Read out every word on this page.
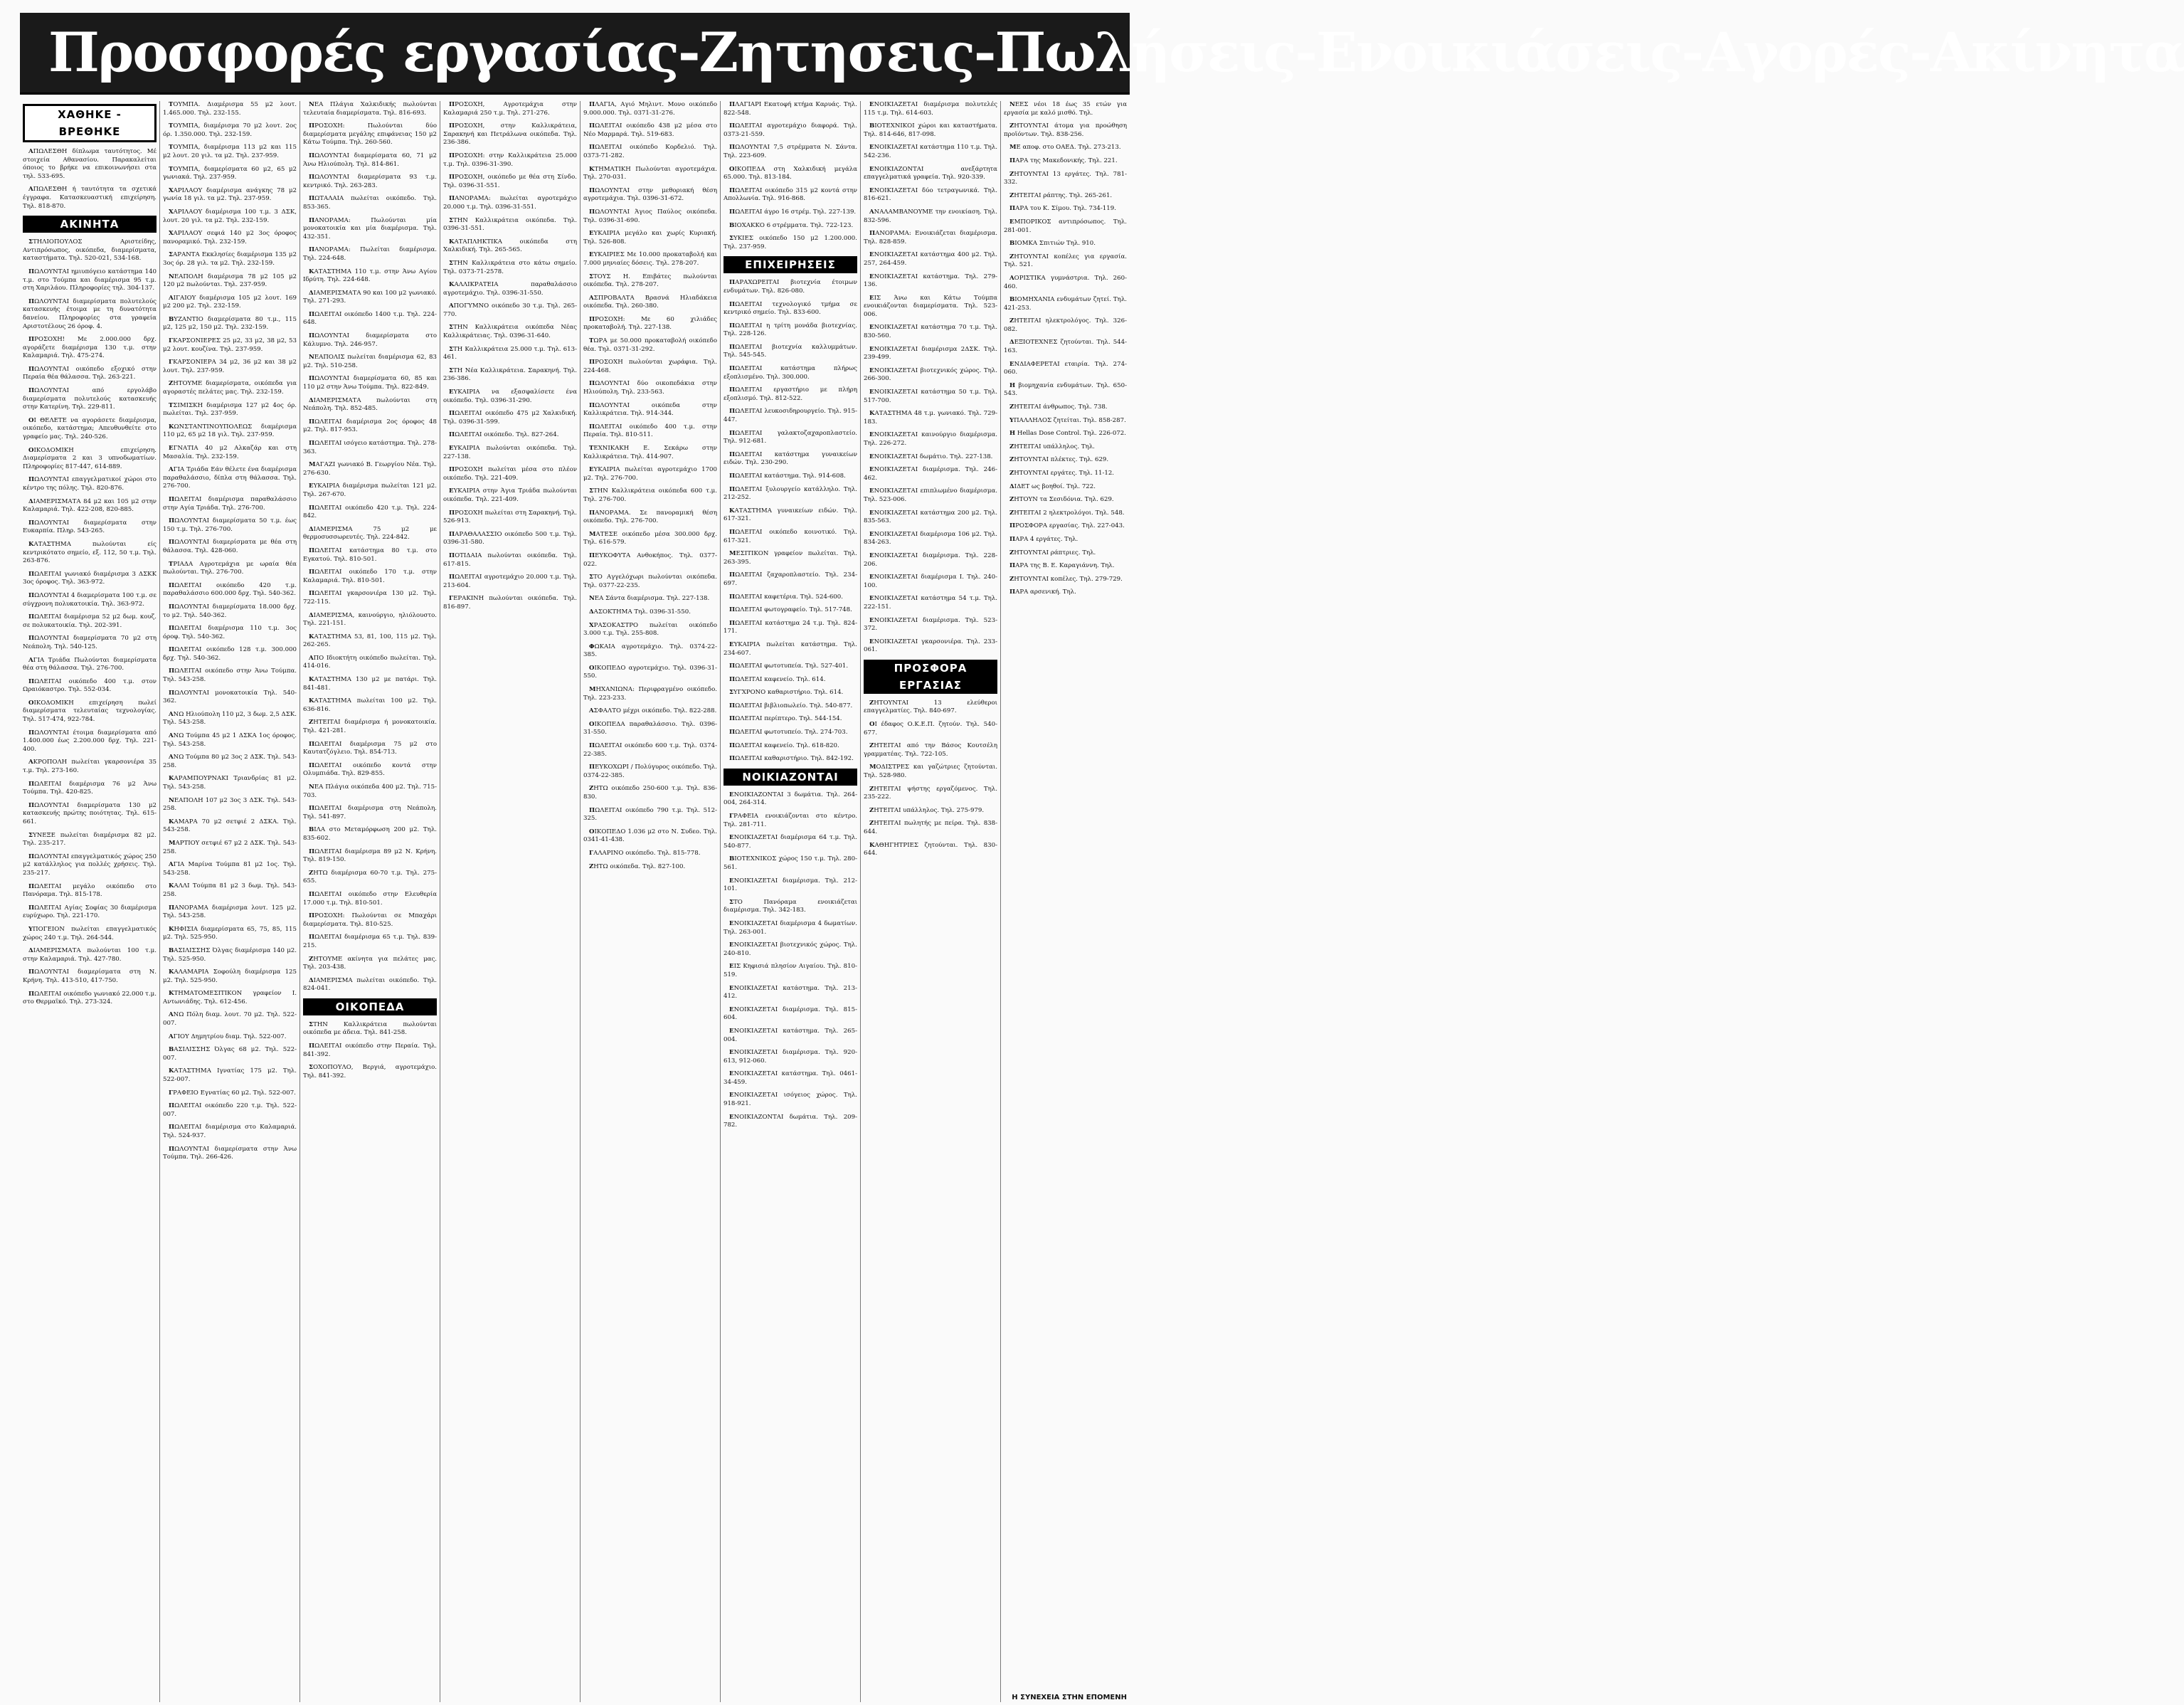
Προσφορές εργασίας-Ζητησεις-Πωλήσεις-Ενοικιάσεις-Αγορές-Ακίνητα
ΧΑΘΗΚΕ - ΒΡΕΘΗΚΕ

ΑΠΩΛΕΣΘΗ δίπλωμα ταυτότητος. Μέ στοιχεία Αθανασίου. Παρακαλείται όποιος το βρήκε να επικοινωνήσει στα τηλ. 533-695.

ΑΠΩΛΕΣΘΗ ή ταυτότητα τα σχετικά έγγραφα. Κατασκευαστική επιχείρηση. Τηλ. 818-870.

ΑΚΙΝΗΤΑ

ΣΤΗΛΙΟΠΟΥΛΟΣ Αριστείδης, Αντιπρόσωπος, οικόπεδα, διαμερίσματα, καταστήματα. Τηλ. 520-021, 534-168.

ΠΩΛΟΥΝΤΑΙ ημιυπόγειο κατάστημα 140 τ.μ. στο Τούμπα και διαμέρισμα 95 τ.μ. στη Χαριλάου. Πληροφορίες τηλ. 304-137.

ΠΩΛΟΥΝΤΑΙ διαμερίσματα πολυτελούς κατασκευής έτοιμα με τη δυνατότητα δανείου. Πληροφορίες στα γραφεία Αριστοτέλους 26 όροφ. 4.

ΠΡΟΣΟΧΗ! Με 2.000.000 δρχ. αγοράζετε διαμέρισμα 130 τ.μ. στην Καλαμαριά. Τηλ. 475-274.

ΠΩΛΟΥΝΤΑΙ οικόπεδο εξοχικό στην Περαία θέα θάλασσα. Τηλ. 263-221.

ΠΩΛΟΥΝΤΑΙ από εργολάβο διαμερίσματα πολυτελούς κατασκευής στην Κατερίνη. Τηλ. 229-811.

ΟΙ ΘΕΛΕΤΕ να αγοράσετε διαμέρισμα, οικόπεδο, κατάστημα; Απευθυνθείτε στο γραφείο μας. Τηλ. 240-526.

ΟΙΚΟΔΟΜΙΚΗ επιχείρηση. Διαμερίσματα 2 και 3 υπνοδωματίων. Πληροφορίες 817-447, 614-889.

ΠΩΛΟΥΝΤΑΙ επαγγελματικοί χώροι στο κέντρο της πόλης. Τηλ. 820-876.

ΔΙΑΜΕΡΙΣΜΑΤΑ 84 μ2 και 105 μ2 στην Καλαμαριά. Τηλ. 422-208, 820-885.

ΠΩΛΟΥΝΤΑΙ διαμερίσματα στην Ευκαρπία. Πληρ. 543-265.

ΚΑΤΑΣΤΗΜΑ πωλούνται είς κεντρικότατο σημείο, εξ. 112, 50 τ.μ. Τηλ. 263-876.

ΠΩΛΕΙΤΑΙ γωνιακό διαμέρισμα 3 ΔΣΚΚ 3ος όροφος. Τηλ. 363-972.

ΠΩΛΟΥΝΤΑΙ 4 διαμερίσματα 100 τ.μ. σε σύγχρονη πολυκατοικία. Τηλ. 363-972.

ΠΩΛΕΙΤΑΙ διαμέρισμα 52 μ2 δωμ. κουζ. σε πολυκατοικία. Τηλ. 202-391.

ΠΩΛΟΥΝΤΑΙ διαμερίσματα 70 μ2 στη Νεάπολη. Τηλ. 540-125.

ΑΓΙΑ Τριάδα Πωλούνται διαμερίσματα θέα στη θάλασσα. Τηλ. 276-700.

ΠΩΛΕΙΤΑΙ οικόπεδο 400 τ.μ. στον Ωραιόκαστρο. Τηλ. 552-034.

ΟΙΚΟΔΟΜΙΚΗ επιχείρηση πωλεί διαμερίσματα τελευταίας τεχνολογίας. Τηλ. 517-474, 922-784.

ΠΩΛΟΥΝΤΑΙ έτοιμα διαμερίσματα από 1.400.000 έως 2.200.000 δρχ. Τηλ. 221-400.

ΑΚΡΟΠΟΛΗ πωλείται γκαρσονιέρα 35 τ.μ. Τηλ. 273-160.

ΠΩΛΕΙΤΑΙ διαμέρισμα 76 μ2 Άνω Τούμπα. Τηλ. 420-825.

ΠΩΛΟΥΝΤΑΙ διαμερίσματα 130 μ2 κατασκευής πρώτης ποιότητας. Τηλ. 615-661.

ΣΥΝΕΞΕ πωλείται διαμέρισμα 82 μ2. Τηλ. 235-217.

ΠΩΛΟΥΝΤΑΙ επαγγελματικός χώρος 250 μ2 κατάλληλος για πολλές χρήσεις. Τηλ. 235-217.

ΠΩΛΕΙΤΑΙ μεγάλο οικόπεδο στο Πανόραμα. Τηλ. 815-178.

ΠΩΛΕΙΤΑΙ Αγίας Σοφίας 30 διαμέρισμα ευρύχωρο. Τηλ. 221-170.

ΥΠΟΓΕΙΟΝ πωλείται επαγγελματικός χώρος 240 τ.μ. Τηλ. 264-544.

ΔΙΑΜΕΡΙΣΜΑΤΑ πωλούνται 100 τ.μ. στην Καλαμαριά. Τηλ. 427-780.

ΠΩΛΟΥΝΤΑΙ διαμερίσματα στη Ν. Κρήνη. Τηλ. 413-510, 417-750.

ΠΩΛΕΙΤΑΙ οικόπεδο γωνιακό 22.000 τ.μ. στο Θερμαϊκό. Τηλ. 273-324.

ΤΟΥΜΠΑ. Διαμέρισμα 55 μ2 λουτ. 1.465.000. Τηλ. 232-155.

ΤΟΥΜΠΑ, διαμέρισμα 70 μ2 λουτ. 2ος όρ. 1.350.000. Τηλ. 232-159.

ΤΟΥΜΠΑ, διαμέρισμα 113 μ2 και 115 μ2 λουτ. 20 γιλ. τα μ2. Τηλ. 237-959.

ΤΟΥΜΠΑ, διαμερίσματα 60 μ2, 65 μ2 γωνιακά. Τηλ. 237-959.

ΧΑΡΙΛΑΟΥ διαμέρισμα ανάγκης 78 μ2 γωνία 18 γιλ. τα μ2. Τηλ. 237-959.

ΧΑΡΙΛΑΟΥ διαμέρισμα 100 τ.μ. 3 ΔΣΚ, λουτ. 20 γιλ. τα μ2. Τηλ. 232-159.

ΧΑΡΙΛΑΟΥ σεφιά 140 μ2 3ος όροφος πανοραμικό. Τηλ. 232-159.

ΣΑΡΑΝΤΑ Εκκλησίες διαμέρισμα 135 μ2 3ος όρ. 28 γιλ. τα μ2. Τηλ. 232-159.

ΝΕΑΠΟΛΗ διαμέρισμα 78 μ2 105 μ2 120 μ2 πωλούνται. Τηλ. 237-959.

ΑΙΓΑΙΟΥ διαμέρισμα 105 μ2 λουτ. 169 μ2 200 μ2. Τηλ. 232-159.

ΒΥΖΑΝΤΙΟ διαμερίσματα 80 τ.μ., 115 μ2, 125 μ2, 150 μ2. Τηλ. 232-159.

ΓΚΑΡΣΟΝΙΕΡΕΣ 25 μ2, 33 μ2, 38 μ2, 53 μ2 λουτ. κουζίνα. Τηλ. 237-959.

ΓΚΑΡΣΟΝΙΕΡΑ 34 μ2, 36 μ2 και 38 μ2 λουτ. Τηλ. 237-959.

ΖΗΤΟΥΜΕ διαμερίσματα, οικόπεδα για αγοραστές πελάτες μας. Τηλ. 232-159.

ΤΣΙΜΙΣΚΗ διαμέρισμα 127 μ2 4ος όρ. πωλείται. Τηλ. 237-959.

ΚΩΝΣΤΑΝΤΙΝΟΥΠΟΛΕΩΣ διαμέρισμα 110 μ2, 65 μ2 18 γιλ. Τηλ. 237-959.

ΕΓΝΑΤΙΑ 40 μ2 Αλκαζάρ και στη Μασαλία. Τηλ. 232-159.

ΑΓΙΑ Τριάδα Εάν θέλετε ένα διαμέρισμα παραθαλάσσιο, δίπλα στη θάλασσα. Τηλ. 276-700.

ΠΩΛΕΙΤΑΙ διαμέρισμα παραθαλάσσιο στην Αγία Τριάδα. Τηλ. 276-700.

ΠΩΛΟΥΝΤΑΙ διαμερίσματα 50 τ.μ. έως 150 τ.μ. Τηλ. 276-700.

ΠΩΛΟΥΝΤΑΙ διαμερίσματα με θέα στη θάλασσα. Τηλ. 428-060.

ΤΡΙΑΔΑ Αγροτεμάχια με ωραία θέα πωλούνται. Τηλ. 276-700.

ΠΩΛΕΙΤΑΙ οικόπεδο 420 τ.μ. παραθαλάσσιο 600.000 δρχ. Τηλ. 540-362.

ΠΩΛΟΥΝΤΑΙ διαμερίσματα 18.000 δρχ. το μ2. Τηλ. 540-362.

ΠΩΛΕΙΤΑΙ διαμέρισμα 110 τ.μ. 3ος όροφ. Τηλ. 540-362.

ΠΩΛΕΙΤΑΙ οικόπεδο 128 τ.μ. 300.000 δρχ. Τηλ. 540-362.

ΠΩΛΕΙΤΑΙ οικόπεδο στην Άνω Τούμπα. Τηλ. 543-258.

ΠΩΛΟΥΝΤΑΙ μονοκατοικία Τηλ. 540-362.

ΑΝΩ Ηλιούπολη 110 μ2, 3 δωμ. 2,5 ΔΣΚ. Τηλ. 543-258.

ΑΝΩ Τούμπα 45 μ2 1 ΔΣΚΑ 1ος όροφος. Τηλ. 543-258.

ΑΝΩ Τούμπα 80 μ2 3ος 2 ΔΣΚ. Τηλ. 543-258.

ΚΑΡΑΜΠΟΥΡΝΑΚΙ Τριανδρίας 81 μ2. Τηλ. 543-258.

ΝΕΑΠΟΛΗ 107 μ2 3ος 3 ΔΣΚ. Τηλ. 543-258.

ΚΑΜΑΡΑ 70 μ2 σετφιέ 2 ΔΣΚΑ. Τηλ. 543-258.

ΜΑΡΤΙΟΥ σετφιέ 67 μ2 2 ΔΣΚ. Τηλ. 543-258.

ΑΓΙΑ Μαρίνα Τούμπα 81 μ2 1ος. Τηλ. 543-258.

ΚΑΛΛΙ Τούμπα 81 μ2 3 δωμ. Τηλ. 543-258.

ΠΑΝΟΡΑΜΑ διαμέρισμα λουτ. 125 μ2. Τηλ. 543-258.

ΚΗΦΙΣΙΑ διαμερίσματα 65, 75, 85, 115 μ2. Τηλ. 525-950.

ΒΑΣΙΛΙΣΣΗΣ Όλγας διαμέρισμα 140 μ2. Τηλ. 525-950.

ΚΑΛΑΜΑΡΙΑ Σοφούλη διαμέρισμα 125 μ2. Τηλ. 525-950.

ΚΤΗΜΑΤΟΜΕΣΙΤΙΚΟΝ γραφείον Ι. Αντωνιάδης. Τηλ. 612-456.

ΑΝΩ Πόλη διαμ. λουτ. 70 μ2. Τηλ. 522-007.

ΑΓΙΟΥ Δημητρίου διαμ. Τηλ. 522-007.

ΒΑΣΙΛΙΣΣΗΣ Όλγας 68 μ2. Τηλ. 522-007.

ΚΑΤΑΣΤΗΜΑ Ιγνατίας 175 μ2. Τηλ. 522-007.

ΓΡΑΦΕΙΟ Εγνατίας 60 μ2. Τηλ. 522-007.

ΠΩΛΕΙΤΑΙ οικόπεδο 220 τ.μ. Τηλ. 522-007.

ΠΩΛΕΙΤΑΙ διαμέρισμα στο Καλαμαριά. Τηλ. 524-937.

ΠΩΛΟΥΝΤΑΙ διαμερίσματα στην Άνω Τούμπα. Τηλ. 266-426.

ΝΕΑ Πλάγια Χαλκιδικής πωλούνται τελευταία διαμερίσματα. Τηλ. 816-693.

ΠΡΟΣΟΧΗ: Πωλούνται δύο διαμερίσματα μεγάλης επιφάνειας 150 μ2 Κάτω Τούμπα. Τηλ. 260-560.

ΠΩΛΟΥΝΤΑΙ διαμερίσματα 60, 71 μ2 Άνω Ηλιούπολη. Τηλ. 814-861.

ΠΩΛΟΥΝΤΑΙ διαμερίσματα 93 τ.μ. κεντρικό. Τηλ. 263-283.

ΠΩΤΑΛΑΙΑ πωλείται οικόπεδο. Τηλ. 853-365.

ΠΑΝΟΡΑΜΑ: Πωλούνται μία μονοκατοικία και μία διαμέρισμα. Τηλ. 432-351.

ΠΑΝΟΡΑΜΑ: Πωλείται διαμέρισμα. Τηλ. 224-648.

ΚΑΤΑΣΤΗΜΑ 110 τ.μ. στην Άνω Αγίου Ιδρύτη. Τηλ. 224-648.

ΔΙΑΜΕΡΙΣΜΑΤΑ 90 και 100 μ2 γωνιακό. Τηλ. 271-293.

ΠΩΛΕΙΤΑΙ οικόπεδο 1400 τ.μ. Τηλ. 224-648.

ΠΩΛΟΥΝΤΑΙ διαμερίσματα στο Κάλυμνο. Τηλ. 246-957.

ΝΕΑΠΟΛΙΣ πωλείται διαμέρισμα 62, 83 μ2. Τηλ. 510-258.

ΠΩΛΟΥΝΤΑΙ διαμερίσματα 60, 85 και 110 μ2 στην Άνω Τούμπα. Τηλ. 822-849.

ΔΙΑΜΕΡΙΣΜΑΤΑ πωλούνται στη Νεάπολη. Τηλ. 852-485.

ΠΩΛΕΙΤΑΙ διαμέρισμα 2ος όροφος 48 μ2. Τηλ. 817-953.

ΠΩΛΕΙΤΑΙ ισόγειο κατάστημα. Τηλ. 278-363.

ΜΑΓΑΖΙ γωνιακό Β. Γεωργίου Νέα. Τηλ. 276-630.

ΕΥΚΑΙΡΙΑ διαμέρισμα πωλείται 121 μ2. Τηλ. 267-670.

ΠΩΛΕΙΤΑΙ οικόπεδο 420 τ.μ. Τηλ. 224-842.

ΔΙΑΜΕΡΙΣΜΑ 75 μ2 με θερμοσυσσωρευτές. Τηλ. 224-842.

ΠΩΛΕΙΤΑΙ κατάστημα 80 τ.μ. στο Εγκατού. Τηλ. 810-501.

ΠΩΛΕΙΤΑΙ οικόπεδο 170 τ.μ. στην Καλαμαριά. Τηλ. 810-501.

ΠΩΛΕΙΤΑΙ γκαρσονιέρα 130 μ2. Τηλ. 722-115.

ΔΙΑΜΕΡΙΣΜΑ, καινούργιο, ηλιόλουστο. Τηλ. 221-151.

ΚΑΤΑΣΤΗΜΑ 53, 81, 100, 115 μ2. Τηλ. 262-265.

ΑΠΟ Ιδιοκτήτη οικόπεδο πωλείται. Τηλ. 414-016.

ΚΑΤΑΣΤΗΜΑ 130 μ2 με πατάρι. Τηλ. 841-481.

ΚΑΤΑΣΤΗΜΑ πωλείται 100 μ2. Τηλ. 636-816.

ΖΗΤΕΙΤΑΙ διαμέρισμα ή μονοκατοικία. Τηλ. 421-281.

ΠΩΛΕΙΤΑΙ διαμέρισμα 75 μ2 στο Καυτατζόγλειο. Τηλ. 854-713.

ΠΩΛΕΙΤΑΙ οικόπεδο κοντά στην Ολυμπιάδα. Τηλ. 829-855.

ΝΕΑ Πλάγια οικόπεδα 400 μ2. Τηλ. 715-703.

ΠΩΛΕΙΤΑΙ διαμέρισμα στη Νεάπολη. Τηλ. 541-897.

ΒΙΛΑ στο Μεταμόρφωση 200 μ2. Τηλ. 835-602.

ΠΩΛΕΙΤΑΙ διαμέρισμα 89 μ2 Ν. Κρήνη. Τηλ. 819-150.

ΖΗΤΩ διαμέρισμα 60-70 τ.μ. Τηλ. 275-655.

ΠΩΛΕΙΤΑΙ οικόπεδο στην Ελευθερία 17.000 τ.μ. Τηλ. 810-501.

ΠΡΟΣΟΧΗ: Πωλούνται σε Μπαχάρι διαμερίσματα. Τηλ. 810-525.

ΠΩΛΕΙΤΑΙ διαμέρισμα 65 τ.μ. Τηλ. 839-215.

ΖΗΤΟΥΜΕ ακίνητα για πελάτες μας. Τηλ. 203-438.

ΔΙΑΜΕΡΙΣΜΑ πωλείται οικόπεδο. Τηλ. 824-041.

ΟΙΚΟΠΕΔΑ

ΣΤΗΝ Καλλικράτεια πωλούνται οικόπεδα με άδεια. Τηλ. 841-258.

ΠΩΛΕΙΤΑΙ οικόπεδο στην Περαία. Τηλ. 841-392.

ΣΟΧΟΠΟΥΛΟ, Βεργιά, αγροτεμάχιο. Τηλ. 841-392.

ΠΡΟΣΟΧΗ, Αγροτεμάχια στην Καλαμαριά 250 τ.μ. Τηλ. 271-276.

ΠΡΟΣΟΧΗ, στην Καλλικράτεια, Σαρακηνή και Πετράλωνα οικόπεδα. Τηλ. 236-386.

ΠΡΟΣΟΧΗ: στην Καλλικράτεια 25.000 τ.μ. Τηλ. 0396-31-390.

ΠΡΟΣΟΧΗ, οικόπεδο με θέα στη Σίνδο. Τηλ. 0396-31-551.

ΠΑΝΟΡΑΜΑ: πωλείται αγροτεμάχιο 20.000 τ.μ. Τηλ. 0396-31-551.

ΣΤΗΝ Καλλικράτεια οικόπεδα. Τηλ. 0396-31-551.

ΚΑΤΑΠΛΗΚΤΙΚΑ οικόπεδα στη Χαλκιδική. Τηλ. 265-565.

ΣΤΗΝ Καλλικράτεια στο κάτω σημείο. Τηλ. 0373-71-2578.

ΚΑΛΛΙΚΡΑΤΕΙΑ παραθαλάσσιο αγροτεμάχιο. Τηλ. 0396-31-550.

ΑΠΟΓΥΜΝΟ οικόπεδο 30 τ.μ. Τηλ. 265-770.

ΣΤΗΝ Καλλικράτεια οικόπεδα Νέας Καλλικράτειας. Τηλ. 0396-31-640.

ΣΤΗ Καλλικράτεια 25.000 τ.μ. Τηλ. 613-461.

ΣΤΗ Νέα Καλλικράτεια. Σαρακηνή. Τηλ. 236-386.

ΕΥΚΑΙΡΙΑ να εξασφαλίσετε ένα οικόπεδο. Τηλ. 0396-31-290.

ΠΩΛΕΙΤΑΙ οικόπεδο 475 μ2 Χαλκιδική. Τηλ. 0396-31-599.

ΠΩΛΕΙΤΑΙ οικόπεδο. Τηλ. 827-264.

ΕΥΚΑΙΡΙΑ πωλούνται οικόπεδα. Τηλ. 227-138.

ΠΡΟΣΟΧΗ πωλείται μέσα στο πλέον οικόπεδο. Τηλ. 221-409.

ΕΥΚΑΙΡΙΑ στην Άγια Τριάδα πωλούνται οικόπεδα. Τηλ. 221-409.

ΠΡΟΣΟΧΗ πωλείται στη Σαρακηνή. Τηλ. 526-913.

ΠΑΡΑΘΑΛΑΣΣΙΟ οικόπεδο 500 τ.μ. Τηλ. 0396-31-580.

ΠΟΤΙΔΑΙΑ πωλούνται οικόπεδα. Τηλ. 617-815.

ΠΩΛΕΙΤΑΙ αγροτεμάχιο 20.000 τ.μ. Τηλ. 213-604.

ΓΕΡΑΚΙΝΗ πωλούνται οικόπεδα. Τηλ. 816-897.

ΠΛΑΓΙΑ, Αγιό Μηλιντ. Μονο οικόπεδο 9.000.000. Τηλ. 0371-31-276.

ΠΩΛΕΙΤΑΙ οικόπεδο 438 μ2 μέσα στο Νέο Μαρμαρά. Τηλ. 519-683.

ΠΩΛΕΙΤΑΙ οικόπεδο Κορδελιό. Τηλ. 0373-71-282.

ΚΤΗΜΑΤΙΚΗ Πωλούνται αγροτεμάχια. Τηλ. 270-031.

ΠΩΛΟΥΝΤΑΙ στην μεθοριακή θέση αγροτεμάχια. Τηλ. 0396-31-672.

ΠΩΛΟΥΝΤΑΙ Άγιος Παύλος οικόπεδα. Τηλ. 0396-31-690.

ΕΥΚΑΙΡΙΑ μεγάλο και χωρίς Κυριακή. Τηλ. 526-808.

ΕΥΚΑΙΡΙΕΣ Με 10.000 προκαταβολή και 7.000 μηνιαίες δόσεις. Τηλ. 278-207.

ΣΤΟΥΣ Η. Επιβάτες πωλούνται οικόπεδα. Τηλ. 278-207.

ΑΣΠΡΟΒΑΛΤΑ Βρασνά Ηλιαδάκεια οικόπεδα. Τηλ. 260-380.

ΠΡΟΣΟΧΗ: Με 60 χιλιάδες προκαταβολή. Τηλ. 227-138.

ΤΩΡΑ με 50.000 προκαταβολή οικόπεδο θέα. Τηλ. 0371-31-292.

ΠΡΟΣΟΧΗ πωλούνται χωράφια. Τηλ. 224-468.

ΠΩΛΟΥΝΤΑΙ δύο οικοπεδάκια στην Ηλιούπολη. Τηλ. 233-563.

ΠΩΛΟΥΝΤΑΙ οικόπεδα στην Καλλικράτεια. Τηλ. 914-344.

ΠΩΛΕΙΤΑΙ οικόπεδο 400 τ.μ. στην Περαία. Τηλ. 810-511.

ΤΕΧΝΙΚΑΚΗ Ε. Σεκάρω στην Καλλικράτεια. Τηλ. 414-907.

ΕΥΚΑΙΡΙΑ πωλείται αγροτεμάχιο 1700 μ2. Τηλ. 276-700.

ΣΤΗΝ Καλλικράτεια οικόπεδα 600 τ.μ. Τηλ. 276-700.

ΠΑΝΟΡΑΜΑ. Σε πανοραμική θέση οικόπεδο. Τηλ. 276-700.

ΜΑΤΕΣΕ οικόπεδο μέσα 300.000 δρχ. Τηλ. 616-579.

ΠΕΥΚΟΦΥΤΑ Ανθοκήπος. Τηλ. 0377-022.

ΣΤΟ Αγγελόχωρι πωλούνται οικόπεδα. Τηλ. 0377-22-235.

ΝΕΑ Σάντα διαμέρισμα. Τηλ. 227-138.

ΔΑΣΟΚΤΗΜΑ Τηλ. 0396-31-550.

ΧΡΑΣΟΚΑΣΤΡΟ πωλείται οικόπεδο 3.000 τ.μ. Τηλ. 255-808.

ΦΩΚΑΙΑ αγροτεμάχιο. Τηλ. 0374-22-385.

ΟΙΚΟΠΕΔΟ αγροτεμάχιο. Τηλ. 0396-31-550.

ΜΗΧΑΝΙΩΝΑ: Περιφραγμένο οικόπεδο. Τηλ. 223-233.

ΑΣΦΑΛΤΟ μέχρι οικόπεδο. Τηλ. 822-288.

ΟΙΚΟΠΕΔΑ παραθαλάσσιο. Τηλ. 0396-31-550.

ΠΩΛΕΙΤΑΙ οικόπεδο 600 τ.μ. Τηλ. 0374-22-385.

ΠΕΥΚΟΧΩΡΙ / Πολύγυρος οικόπεδο. Τηλ. 0374-22-385.

ΖΗΤΩ οικόπεδο 250-600 τ.μ. Τηλ. 836-830.

ΠΩΛΕΙΤΑΙ οικόπεδο 790 τ.μ. Τηλ. 512-325.

ΟΙΚΟΠΕΔΟ 1.036 μ2 στο Ν. Συδεο. Τηλ. 0341-41-438.

ΓΑΛΑΡΙΝΟ οικόπεδο. Τηλ. 815-778.

ΖΗΤΩ οικόπεδα. Τηλ. 827-100.

ΠΛΑΓΙΑΡΙ Εκατοφή κτήμα Καρυάς. Τηλ. 822-548.

ΠΩΛΕΙΤΑΙ αγροτεμάχιο διαφορά. Τηλ. 0373-21-559.

ΠΩΛΟΥΝΤΑΙ 7,5 στρέμματα Ν. Σάντα. Τηλ. 223-609.

ΟΙΚΟΠΕΔΑ στη Χαλκιδική μεγάλα 65.000. Τηλ. 813-184.

ΠΩΛΕΙΤΑΙ οικόπεδο 315 μ2 κοντά στην Απολλωνία. Τηλ. 916-868.

ΠΩΛΕΙΤΑΙ άγρο 16 στρέμ. Τηλ. 227-139.

ΒΙΟΧΑΚΚΟ 6 στρέμματα. Τηλ. 722-123.

ΣΥΚΙΕΣ οικόπεδο 150 μ2 1.200.000. Τηλ. 237-959.

ΕΠΙΧΕΙΡΗΣΕΙΣ

ΠΑΡΑΧΩΡΕΙΤΑΙ βιοτεχνία έτοιμων ενδυμάτων. Τηλ. 826-080.

ΠΩΛΕΙΤΑΙ τεχνολογικό τμήμα σε κεντρικό σημείο. Τηλ. 833-600.

ΠΩΛΕΙΤΑΙ η τρίτη μονάδα βιοτεχνίας. Τηλ. 228-126.

ΠΩΛΕΙΤΑΙ βιοτεχνία καλλυμμάτων. Τηλ. 545-545.

ΠΩΛΕΙΤΑΙ κατάστημα πλήρως εξοπλισμένο. Τηλ. 300.000.

ΠΩΛΕΙΤΑΙ εργαστήριο με πλήρη εξοπλισμό. Τηλ. 812-522.

ΠΩΛΕΙΤΑΙ λευκοσιδηρουργείο. Τηλ. 915-447.

ΠΩΛΕΙΤΑΙ γαλακτοζαχαροπλαστείο. Τηλ. 912-681.

ΠΩΛΕΙΤΑΙ κατάστημα γυναικείων ειδών. Τηλ. 230-290.

ΠΩΛΕΙΤΑΙ κατάστημα. Τηλ. 914-608.

ΠΩΛΕΙΤΑΙ ξυλουργείο κατάλληλο. Τηλ. 212-252.

ΚΑΤΑΣΤΗΜΑ γυναικείων ειδών. Τηλ. 617-321.

ΠΩΛΕΙΤΑΙ οικόπεδο κοινοτικό. Τηλ. 617-321.

ΜΕΣΙΤΙΚΟΝ γραφείον πωλείται. Τηλ. 263-395.

ΠΩΛΕΙΤΑΙ ζαχαροπλαστείο. Τηλ. 234-697.

ΠΩΛΕΙΤΑΙ καφετέρια. Τηλ. 524-600.

ΠΩΛΕΙΤΑΙ φωτογραφείο. Τηλ. 517-748.

ΠΩΛΕΙΤΑΙ κατάστημα 24 τ.μ. Τηλ. 824-171.

ΕΥΚΑΙΡΙΑ πωλείται κατάστημα. Τηλ. 234-607.

ΠΩΛΕΙΤΑΙ φωτοτυπεία. Τηλ. 527-401.

ΠΩΛΕΙΤΑΙ καφενείο. Τηλ. 614.

ΣΥΓΧΡΟΝΟ καθαριστήριο. Τηλ. 614.

ΠΩΛΕΙΤΑΙ βιβλιοπωλείο. Τηλ. 540-877.

ΠΩΛΕΙΤΑΙ περίπτερο. Τηλ. 544-154.

ΠΩΛΕΙΤΑΙ φωτοτυπείο. Τηλ. 274-703.

ΠΩΛΕΙΤΑΙ καφενείο. Τηλ. 618-820.

ΠΩΛΕΙΤΑΙ καθαριστήριο. Τηλ. 842-192.

ΝΟΙΚΙΑΖΟΝΤΑΙ

ΕΝΟΙΚΙΑΖΟΝΤΑΙ 3 δωμάτια. Τηλ. 264-004, 264-314.

ΓΡΑΦΕΙΑ ενοικιάζονται στο κέντρο. Τηλ. 281-711.

ΕΝΟΙΚΙΑΖΕΤΑΙ διαμέρισμα 64 τ.μ. Τηλ. 540-877.

ΒΙΟΤΕΧΝΙΚΟΣ χώρος 150 τ.μ. Τηλ. 280-561.

ΕΝΟΙΚΙΑΖΕΤΑΙ διαμέρισμα. Τηλ. 212-101.

ΣΤΟ Πανόραμα ενοικιάζεται διαμέρισμα. Τηλ. 342-183.

ΕΝΟΙΚΙΑΖΕΤΑΙ διαμέρισμα 4 δωματίων. Τηλ. 263-001.

ΕΝΟΙΚΙΑΖΕΤΑΙ βιοτεχνικός χώρος. Τηλ. 240-810.

ΕΙΣ Κηφισιά πλησίον Αιγαίου. Τηλ. 810-519.

ΕΝΟΙΚΙΑΖΕΤΑΙ κατάστημα. Τηλ. 213-412.

ΕΝΟΙΚΙΑΖΕΤΑΙ διαμέρισμα. Τηλ. 815-604.

ΕΝΟΙΚΙΑΖΕΤΑΙ κατάστημα. Τηλ. 265-004.

ΕΝΟΙΚΙΑΖΕΤΑΙ διαμέρισμα. Τηλ. 920-613, 912-060.

ΕΝΟΙΚΙΑΖΕΤΑΙ κατάστημα. Τηλ. 0461-34-459.

ΕΝΟΙΚΙΑΖΕΤΑΙ ισόγειος χώρος. Τηλ. 918-921.

ΕΝΟΙΚΙΑΖΟΝΤΑΙ δωμάτια. Τηλ. 209-782.

ΕΝΟΙΚΙΑΖΕΤΑΙ διαμέρισμα πολυτελές 115 τ.μ. Τηλ. 614-603.

ΒΙΟΤΕΧΝΙΚΟΙ χώροι και καταστήματα. Τηλ. 814-646, 817-098.

ΕΝΟΙΚΙΑΖΕΤΑΙ κατάστημα 110 τ.μ. Τηλ. 542-236.

ΕΝΟΙΚΙΑΖΟΝΤΑΙ ανεξάρτητα επαγγελματικά γραφεία. Τηλ. 920-339.

ΕΝΟΙΚΙΑΖΕΤΑΙ δύο τετραγωνικά. Τηλ. 816-621.

ΑΝΑΛΑΜΒΑΝΟΥΜΕ την ενοικίαση. Τηλ. 832-596.

ΠΑΝΟΡΑΜΑ: Ενοικιάζεται διαμέρισμα. Τηλ. 828-859.

ΕΝΟΙΚΙΑΖΕΤΑΙ κατάστημα 400 μ2. Τηλ. 257, 264-459.

ΕΝΟΙΚΙΑΖΕΤΑΙ κατάστημα. Τηλ. 279-136.

ΕΙΣ Άνω και Κάτω Τούμπα ενοικιάζονται διαμερίσματα. Τηλ. 523-006.

ΕΝΟΙΚΙΑΖΕΤΑΙ κατάστημα 70 τ.μ. Τηλ. 830-560.

ΕΝΟΙΚΙΑΖΕΤΑΙ διαμέρισμα 2ΔΣΚ. Τηλ. 239-499.

ΕΝΟΙΚΙΑΖΕΤΑΙ βιοτεχνικός χώρος. Τηλ. 266-300.

ΕΝΟΙΚΙΑΖΕΤΑΙ κατάστημα 50 τ.μ. Τηλ. 517-700.

ΚΑΤΑΣΤΗΜΑ 48 τ.μ. γωνιακό. Τηλ. 729-183.

ΕΝΟΙΚΙΑΖΕΤΑΙ καινούργιο διαμέρισμα. Τηλ. 226-272.

ΕΝΟΙΚΙΑΖΕΤΑΙ δωμάτιο. Τηλ. 227-138.

ΕΝΟΙΚΙΑΖΕΤΑΙ διαμέρισμα. Τηλ. 246-462.

ΕΝΟΙΚΙΑΖΕΤΑΙ επιπλωμένο διαμέρισμα. Τηλ. 523-006.

ΕΝΟΙΚΙΑΖΕΤΑΙ κατάστημα 200 μ2. Τηλ. 835-563.

ΕΝΟΙΚΙΑΖΕΤΑΙ διαμέρισμα 106 μ2. Τηλ. 834-263.

ΕΝΟΙΚΙΑΖΕΤΑΙ διαμέρισμα. Τηλ. 228-206.

ΕΝΟΙΚΙΑΖΕΤΑΙ διαμέρισμα Ι. Τηλ. 240-100.

ΕΝΟΙΚΙΑΖΕΤΑΙ κατάστημα 54 τ.μ. Τηλ. 222-151.

ΕΝΟΙΚΙΑΖΕΤΑΙ διαμέρισμα. Τηλ. 523-372.

ΕΝΟΙΚΙΑΖΕΤΑΙ γκαρσονιέρα. Τηλ. 233-061.

ΠΡΟΣΦΟΡΑ ΕΡΓΑΣΙΑΣ

ΖΗΤΟΥΝΤΑΙ 13 ελεύθεροι επαγγελματίες. Τηλ. 840-697.

ΟΙ έδαφος Ο.Κ.Ε.Π. ζητούν. Τηλ. 540-677.

ΖΗΤΕΙΤΑΙ από την Βάσος Κουτσέλη γραμματέας. Τηλ. 722-105.

ΜΟΔΙΣΤΡΕΣ και γαζώτριες ζητούνται. Τηλ. 528-980.

ΖΗΤΕΙΤΑΙ ψήστης εργαζόμενος. Τηλ. 235-222.

ΖΗΤΕΙΤΑΙ υπάλληλος. Τηλ. 275-979.

ΖΗΤΕΙΤΑΙ πωλητής με πείρα. Τηλ. 838-644.

ΚΑΘΗΓΗΤΡΙΕΣ ζητούνται. Τηλ. 830-644.

ΝΕΕΣ νέοι 18 έως 35 ετών για εργασία με καλό μισθό. Τηλ.

ΖΗΤΟΥΝΤΑΙ άτομα για προώθηση προϊόντων. Τηλ. 838-256.

ΜΕ αποφ. στο ΟΑΕΔ. Τηλ. 273-213.

ΠΑΡΑ της Μακεδονικής. Τηλ. 221.

ΖΗΤΟΥΝΤΑΙ 13 εργάτες. Τηλ. 781-332.

ΖΗΤΕΙΤΑΙ ράπτης. Τηλ. 265-261.

ΠΑΡΑ του Κ. Σίμου. Τηλ. 734-119.

ΕΜΠΟΡΙΚΟΣ αντιπρόσωπος. Τηλ. 281-001.

ΒΙΟΜΚΑ Σπιτιών Τηλ. 910.

ΖΗΤΟΥΝΤΑΙ κοπέλες για εργασία. Τηλ. 521.

ΑΟΡΙΣΤΙΚΑ γυμνάστρια. Τηλ. 260-460.

ΒΙΟΜΗΧΑΝΙΑ ενδυμάτων ζητεί. Τηλ. 421-253.

ΖΗΤΕΙΤΑΙ ηλεκτρολόγος. Τηλ. 326-082.

ΔΕΞΙΟΤΕΧΝΕΣ ζητούνται. Τηλ. 544-163.

ΕΝΔΙΑΦΕΡΕΤΑΙ εταιρία. Τηλ. 274-060.

Η βιομηχανία ενδυμάτων. Τηλ. 650-543.

ΖΗΤΕΙΤΑΙ άνθρωπος. Τηλ. 738.

ΥΠΑΛΛΗΛΟΣ ζητείται. Τηλ. 858-287.

Η Hellas Dose Control. Τηλ. 226-072.

ΖΗΤΕΙΤΑΙ υπάλληλος. Τηλ.

ΖΗΤΟΥΝΤΑΙ πλέκτες. Τηλ. 629.

ΖΗΤΟΥΝΤΑΙ εργάτες. Τηλ. 11-12.

ΔΙΔΕΤ ως βοηθοί. Τηλ. 722.

ΖΗΤΟΥΝ τα Σεσιδόνια. Τηλ. 629.

ΖΗΤΕΙΤΑΙ 2 ηλεκτρολόγοι. Τηλ. 548.

ΠΡΟΣΦΟΡΑ εργασίας. Τηλ. 227-043.

ΠΑΡΑ 4 εργάτες. Τηλ.

ΖΗΤΟΥΝΤΑΙ ράπτριες. Τηλ.

ΠΑΡΑ της Β. Ε. Καραγιάννη. Τηλ.

ΖΗΤΟΥΝΤΑΙ κοπέλες. Τηλ. 279-729.

ΠΑΡΑ αρσενική. Τηλ.

Η ΣΥΝΕΧΕΙΑ ΣΤΗΝ ΕΠΟΜΕΝΗ
